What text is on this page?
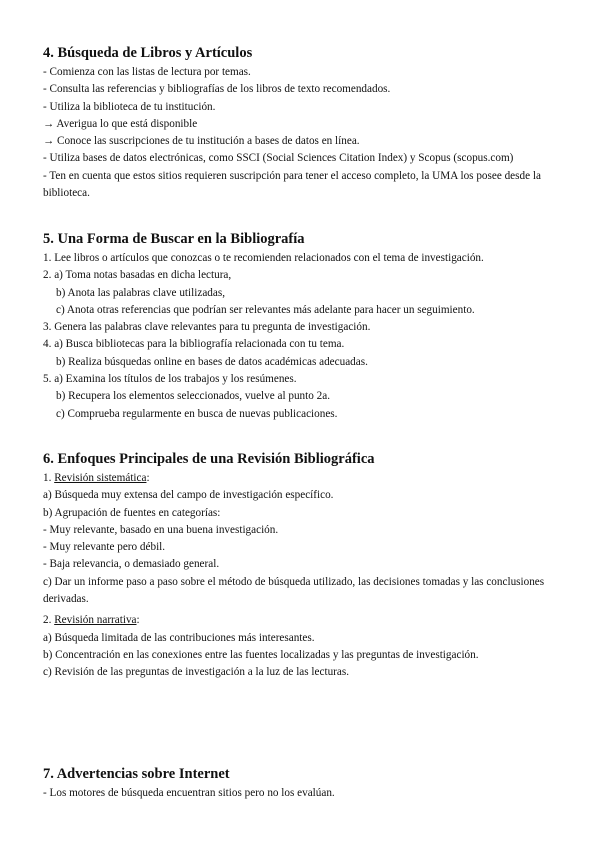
4. Búsqueda de Libros y Artículos

- Comienza con las listas de lectura por temas.

- Consulta las referencias y bibliografías de los libros de texto recomendados.

- Utiliza la biblioteca de tu institución.

→ Averigua lo que está disponible

→ Conoce las suscripciones de tu institución a bases de datos en línea.

- Utiliza bases de datos electrónicas, como SSCI (Social Sciences Citation Index) y Scopus (scopus.com)

- Ten en cuenta que estos sitios requieren suscripción para tener el acceso completo, la UMA los posee desde la biblioteca.

5. Una Forma de Buscar en la Bibliografía

1. Lee libros o artículos que conozcas o te recomienden relacionados con el tema de investigación.

2. a) Toma notas basadas en dicha lectura,

b) Anota las palabras clave utilizadas,

c) Anota otras referencias que podrían ser relevantes más adelante para hacer un seguimiento.

3. Genera las palabras clave relevantes para tu pregunta de investigación.

4. a) Busca bibliotecas para la bibliografía relacionada con tu tema.

b) Realiza búsquedas online en bases de datos académicas adecuadas.

5. a) Examina los títulos de los trabajos y los resúmenes.

b) Recupera los elementos seleccionados, vuelve al punto 2a.

c) Comprueba regularmente en busca de nuevas publicaciones.

6. Enfoques Principales de una Revisión Bibliográfica

1. Revisión sistemática:

a) Búsqueda muy extensa del campo de investigación específico.

b) Agrupación de fuentes en categorías:

- Muy relevante, basado en una buena investigación.

- Muy relevante pero débil.

- Baja relevancia, o demasiado general.

c) Dar un informe paso a paso sobre el método de búsqueda utilizado, las decisiones tomadas y las conclusiones derivadas.

2. Revisión narrativa:

a) Búsqueda limitada de las contribuciones más interesantes.

b) Concentración en las conexiones entre las fuentes localizadas y las preguntas de investigación.

c) Revisión de las preguntas de investigación a la luz de las lecturas.

7. Advertencias sobre Internet

- Los motores de búsqueda encuentran sitios pero no los evalúan.
